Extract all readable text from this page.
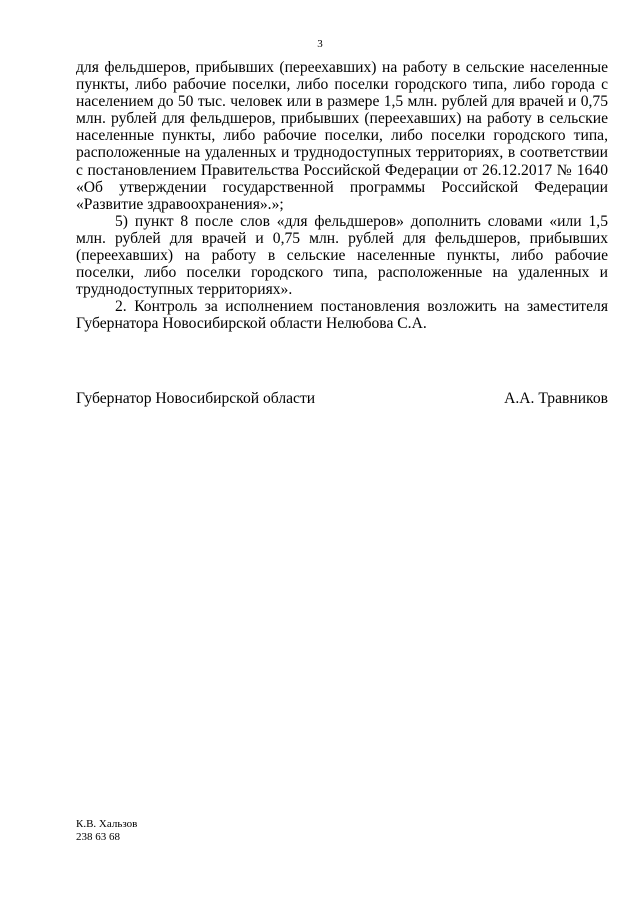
3

для фельдшеров, прибывших (переехавших) на работу в сельские населенные пункты, либо рабочие поселки, либо поселки городского типа, либо города с населением до 50 тыс. человек или в размере 1,5 млн. рублей для врачей и 0,75 млн. рублей для фельдшеров, прибывших (переехавших) на работу в сельские населенные пункты, либо рабочие поселки, либо поселки городского типа, расположенные на удаленных и труднодоступных территориях, в соответствии с постановлением Правительства Российской Федерации от 26.12.2017 № 1640 «Об утверждении государственной программы Российской Федерации «Развитие здравоохранения».»;

5) пункт 8 после слов «для фельдшеров» дополнить словами «или 1,5 млн. рублей для врачей и 0,75 млн. рублей для фельдшеров, прибывших (переехавших) на работу в сельские населенные пункты, либо рабочие поселки, либо поселки городского типа, расположенные на удаленных и труднодоступных территориях».

2. Контроль за исполнением постановления возложить на заместителя Губернатора Новосибирской области Нелюбова С.А.

Губернатор Новосибирской области	А.А. Травников
К.В. Хальзов
238 63 68
